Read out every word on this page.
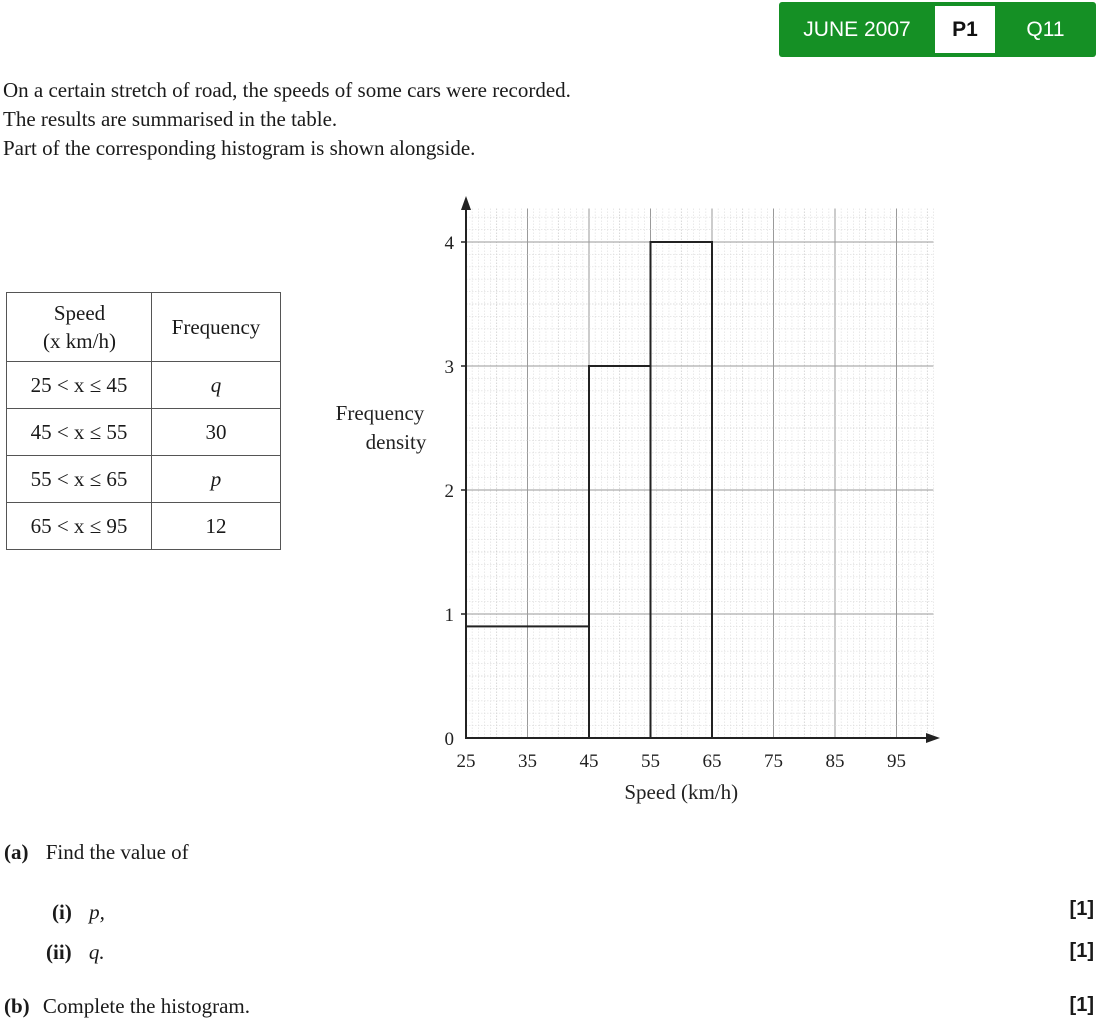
JUNE 2007	P1	Q11

On a certain stretch of road, the speeds of some cars were recorded.

The results are summarised in the table.

Part of the corresponding histogram is shown alongside.

Speed
(x km/h)	Frequency
25 < x ≤ 45	q
45 < x ≤ 55	30
55 < x ≤ 65	p
65 < x ≤ 95	12
0
1
2
3
4
25 35 45 55 65 75 85 95
Speed (km/h)
Frequency
density
(a) Find the value of
(i) p,
(ii) q.
(b) Complete the histogram.
[1]
[1]
[1]
